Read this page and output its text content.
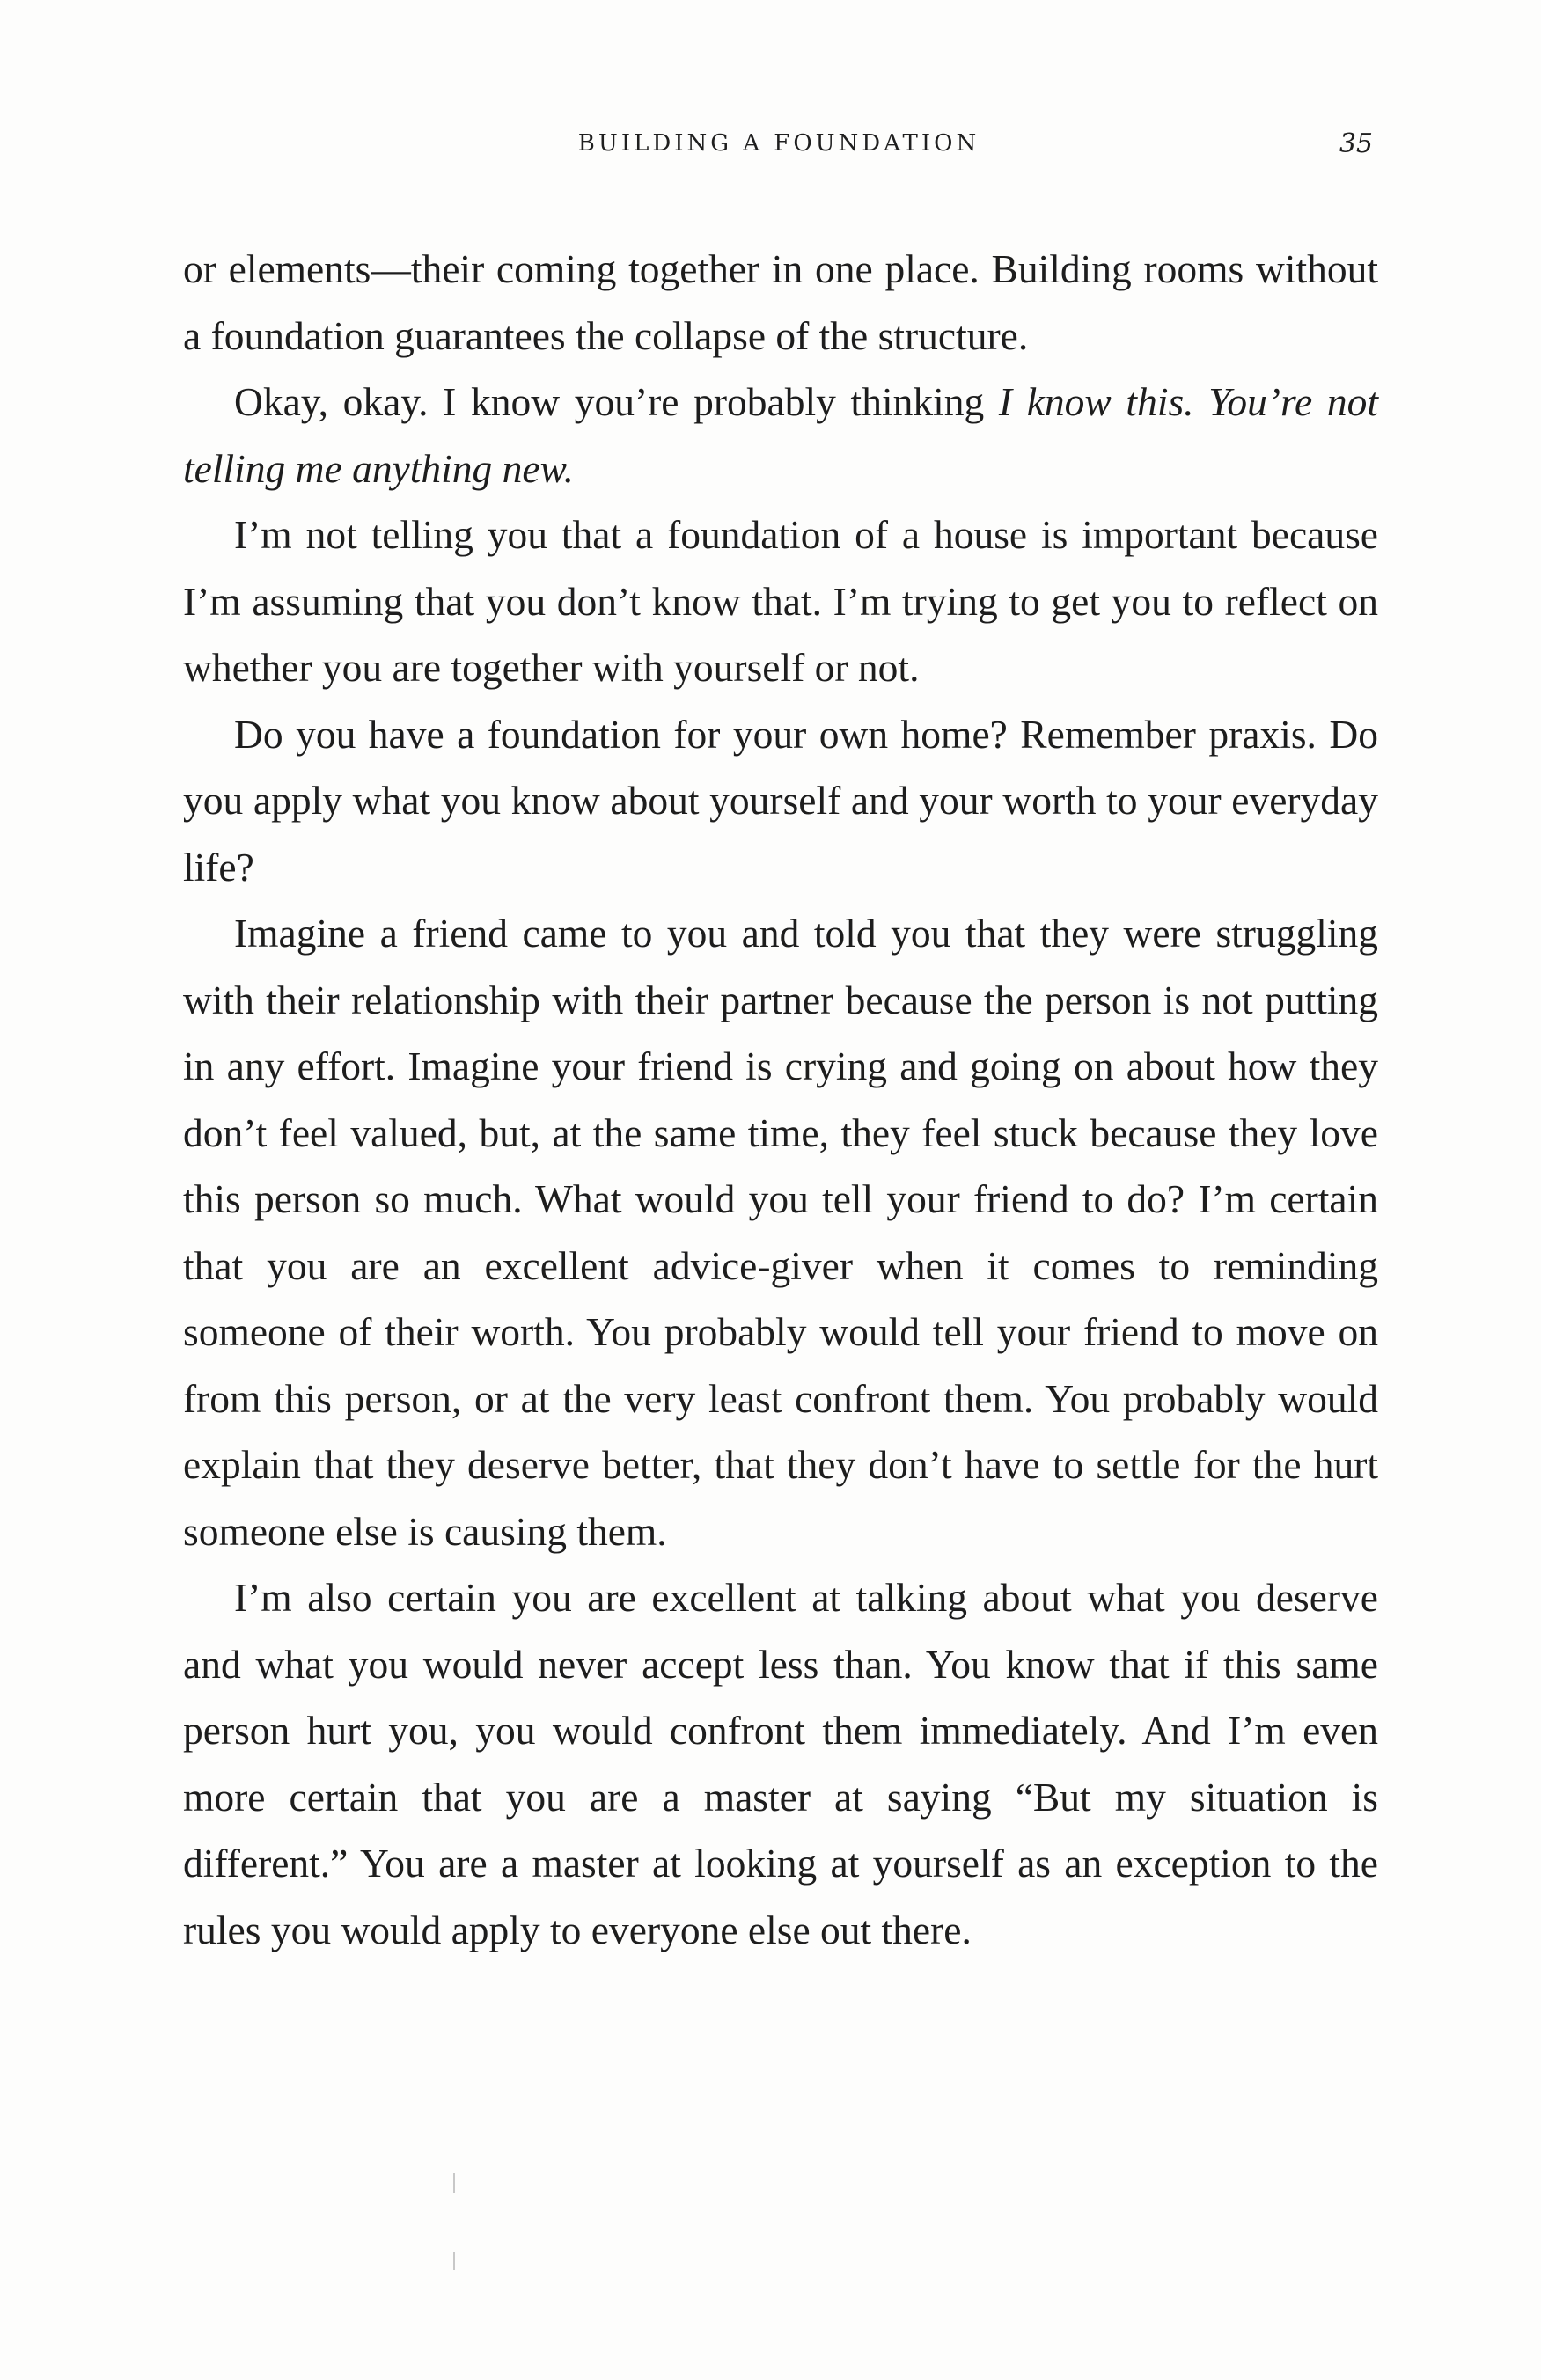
BUILDING A FOUNDATION	35

or elements—their coming together in one place. Building rooms without a foundation guarantees the collapse of the structure.

Okay, okay. I know you’re probably thinking I know this. You’re not telling me anything new.

I’m not telling you that a foundation of a house is important because I’m assuming that you don’t know that. I’m trying to get you to reflect on whether you are together with yourself or not.

Do you have a foundation for your own home? Remember praxis. Do you apply what you know about yourself and your worth to your everyday life?

Imagine a friend came to you and told you that they were struggling with their relationship with their partner because the person is not putting in any effort. Imagine your friend is crying and going on about how they don’t feel valued, but, at the same time, they feel stuck because they love this person so much. What would you tell your friend to do? I’m certain that you are an excellent advice-giver when it comes to reminding someone of their worth. You probably would tell your friend to move on from this person, or at the very least confront them. You probably would explain that they deserve better, that they don’t have to settle for the hurt someone else is causing them.

I’m also certain you are excellent at talking about what you deserve and what you would never accept less than. You know that if this same person hurt you, you would confront them immediately. And I’m even more certain that you are a master at saying “But my situation is different.” You are a master at looking at yourself as an exception to the rules you would apply to everyone else out there.
